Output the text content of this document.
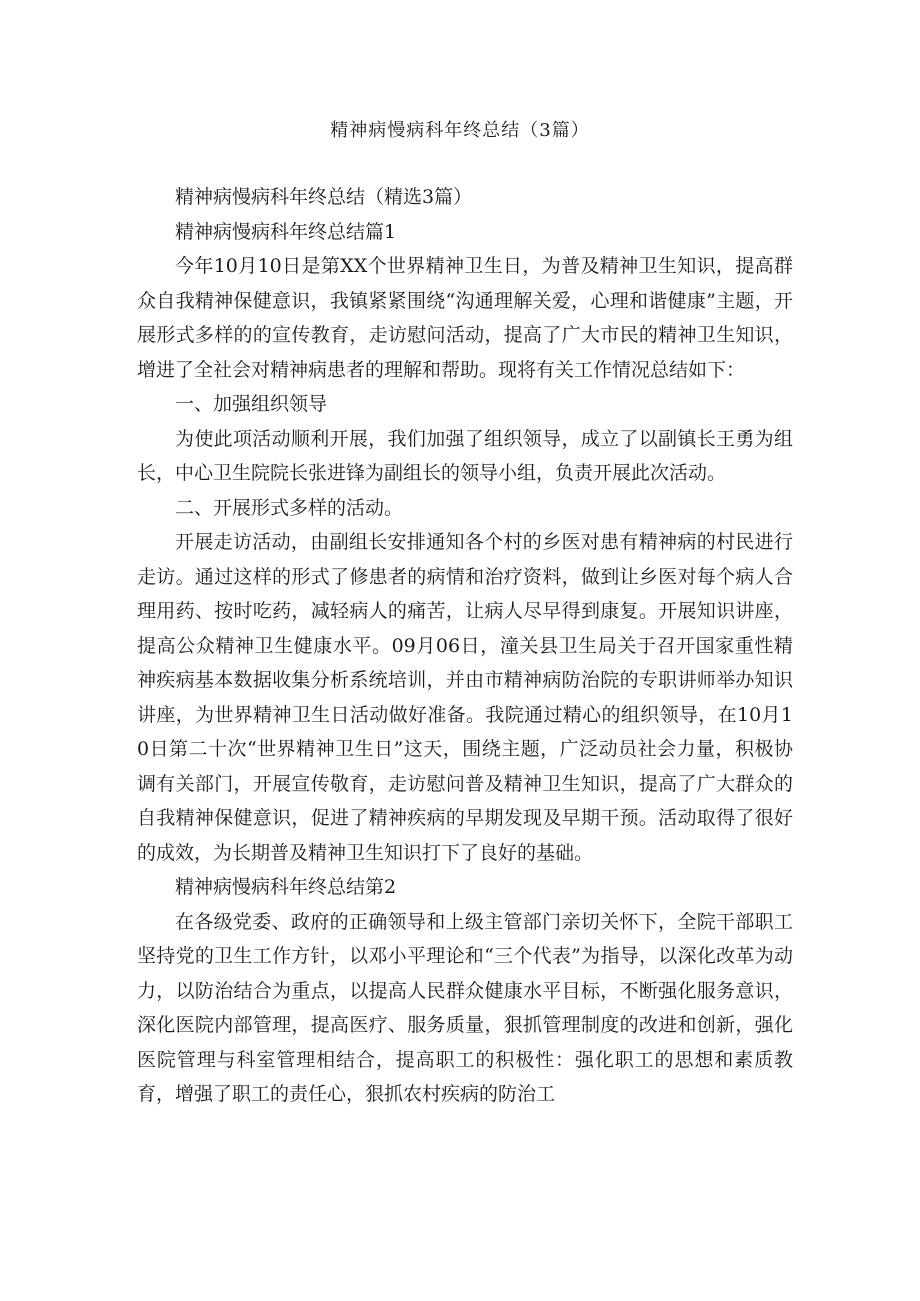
精神病慢病科年终总结（3篇）

精神病慢病科年终总结（精选3篇）

精神病慢病科年终总结篇1

今年10月10日是第XX个世界精神卫生日，为普及精神卫生知识，提高群众自我精神保健意识，我镇紧紧围绕“沟通理解关爱，心理和谐健康”主题，开展形式多样的的宣传教育，走访慰问活动，提高了广大市民的精神卫生知识，增进了全社会对精神病患者的理解和帮助。现将有关工作情况总结如下：

一、加强组织领导

为使此项活动顺利开展，我们加强了组织领导，成立了以副镇长王勇为组长，中心卫生院院长张进锋为副组长的领导小组，负责开展此次活动。

二、开展形式多样的活动。

开展走访活动，由副组长安排通知各个村的乡医对患有精神病的村民进行走访。通过这样的形式了修患者的病情和治疗资料，做到让乡医对每个病人合理用药、按时吃药，减轻病人的痛苦，让病人尽早得到康复。开展知识讲座，提高公众精神卫生健康水平。09月06日，潼关县卫生局关于召开国家重性精神疾病基本数据收集分析系统培训，并由市精神病防治院的专职讲师举办知识讲座，为世界精神卫生日活动做好准备。我院通过精心的组织领导，在10月10日第二十次“世界精神卫生日”这天，围绕主题，广泛动员社会力量，积极协调有关部门，开展宣传敬育，走访慰问普及精神卫生知识，提高了广大群众的自我精神保健意识，促进了精神疾病的早期发现及早期干预。活动取得了很好的成效，为长期普及精神卫生知识打下了良好的基础。

精神病慢病科年终总结第2

在各级党委、政府的正确领导和上级主管部门亲切关怀下，全院干部职工坚持党的卫生工作方针，以邓小平理论和“三个代表”为指导，以深化改革为动力，以防治结合为重点，以提高人民群众健康水平目标，不断强化服务意识，深化医院内部管理，提高医疗、服务质量，狠抓管理制度的改进和创新，强化医院管理与科室管理相结合，提高职工的积极性：强化职工的思想和素质教育，增强了职工的责任心，狠抓农村疾病的防治工
